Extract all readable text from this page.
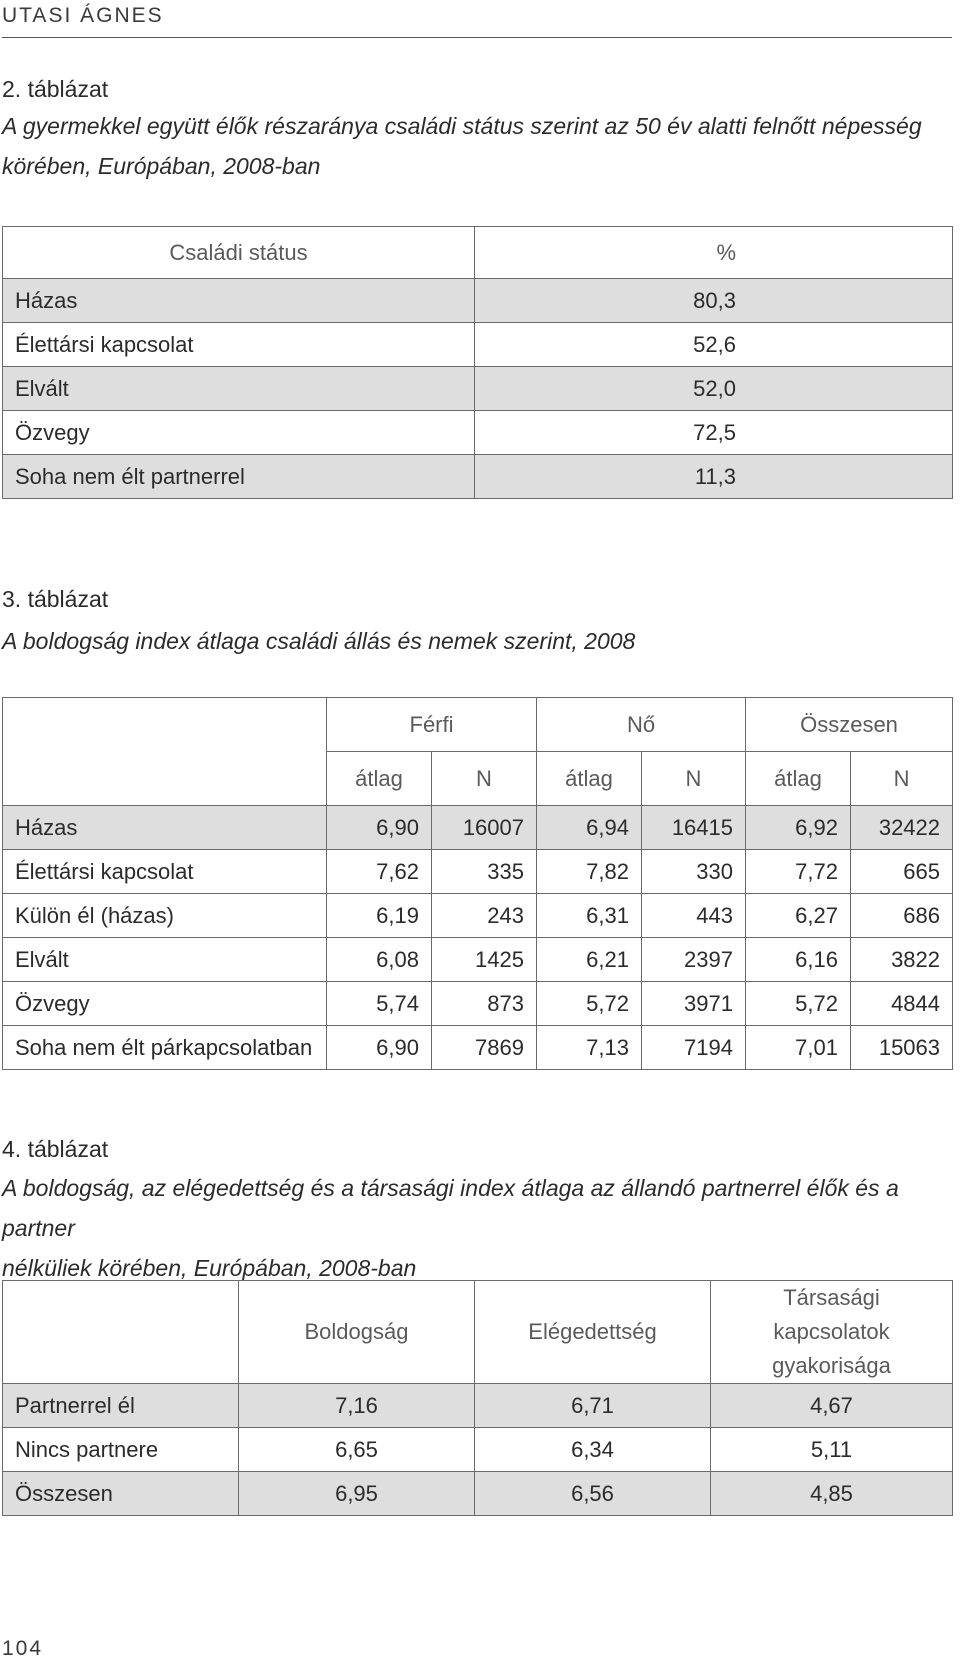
UTASI ÁGNES
2. táblázat
A gyermekkel együtt élők részaránya családi státus szerint az 50 év alatti felnőtt népesség körében, Európában, 2008-ban
Családi státus	%
Házas	80,3
Élettársi kapcsolat	52,6
Elvált	52,0
Özvegy	72,5
Soha nem élt partnerrel	11,3
3. táblázat
A boldogság index átlaga családi állás és nemek szerint, 2008
	Férfi		Nő		Összesen	
	átlag	N	átlag	N	átlag	N
Házas	6,90	16007	6,94	16415	6,92	32422
Élettársi kapcsolat	7,62	335	7,82	330	7,72	665
Külön él (házas)	6,19	243	6,31	443	6,27	686
Elvált	6,08	1425	6,21	2397	6,16	3822
Özvegy	5,74	873	5,72	3971	5,72	4844
Soha nem élt párkapcsolatban	6,90	7869	7,13	7194	7,01	15063
4. táblázat
A boldogság, az elégedettség és a társasági index átlaga az állandó partnerrel élők és a partner
nélküliek körében, Európában, 2008-ban
	Boldogság	Elégedettség	Társasági kapcsolatok
gyakorisága

Partnerrel él	7,16	6,71	4,67
Nincs partnere	6,65	6,34	5,11
Összesen	6,95	6,56	4,85
104
